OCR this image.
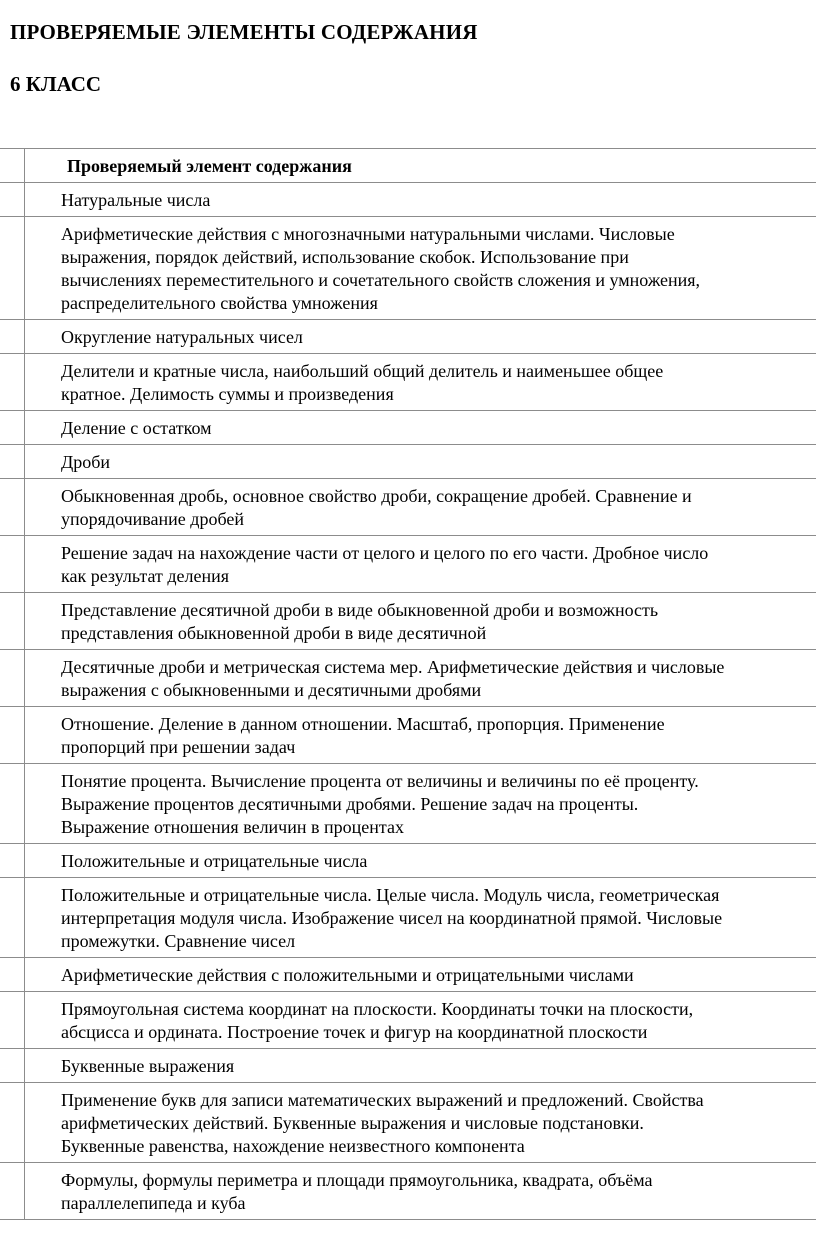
ПРОВЕРЯЕМЫЕ ЭЛЕМЕНТЫ СОДЕРЖАНИЯ
6 КЛАСС
	Проверяемый элемент содержания

	Натуральные числа

	Арифметические действия с многозначными натуральными числами. Числовые
выражения, порядок действий, использование скобок. Использование при
вычислениях переместительного и сочетательного свойств сложения и умножения,
распределительного свойства умножения

	Округление натуральных чисел

	Делители и кратные числа, наибольший общий делитель и наименьшее общее
кратное. Делимость суммы и произведения

	Деление с остатком

	Дроби

	Обыкновенная дробь, основное свойство дроби, сокращение дробей. Сравнение и
упорядочивание дробей

	Решение задач на нахождение части от целого и целого по его части. Дробное число
как результат деления

	Представление десятичной дроби в виде обыкновенной дроби и возможность
представления обыкновенной дроби в виде десятичной

	Десятичные дроби и метрическая система мер. Арифметические действия и числовые
выражения с обыкновенными и десятичными дробями

	Отношение. Деление в данном отношении. Масштаб, пропорция. Применение
пропорций при решении задач

	Понятие процента. Вычисление процента от величины и величины по её проценту.
Выражение процентов десятичными дробями. Решение задач на проценты.
Выражение отношения величин в процентах

	Положительные и отрицательные числа

	Положительные и отрицательные числа. Целые числа. Модуль числа, геометрическая
интерпретация модуля числа. Изображение чисел на координатной прямой. Числовые
промежутки. Сравнение чисел

	Арифметические действия с положительными и отрицательными числами

	Прямоугольная система координат на плоскости. Координаты точки на плоскости,
абсцисса и ордината. Построение точек и фигур на координатной плоскости

	Буквенные выражения

	Применение букв для записи математических выражений и предложений. Свойства
арифметических действий. Буквенные выражения и числовые подстановки.
Буквенные равенства, нахождение неизвестного компонента

	Формулы, формулы периметра и площади прямоугольника, квадрата, объёма
параллелепипеда и куба
